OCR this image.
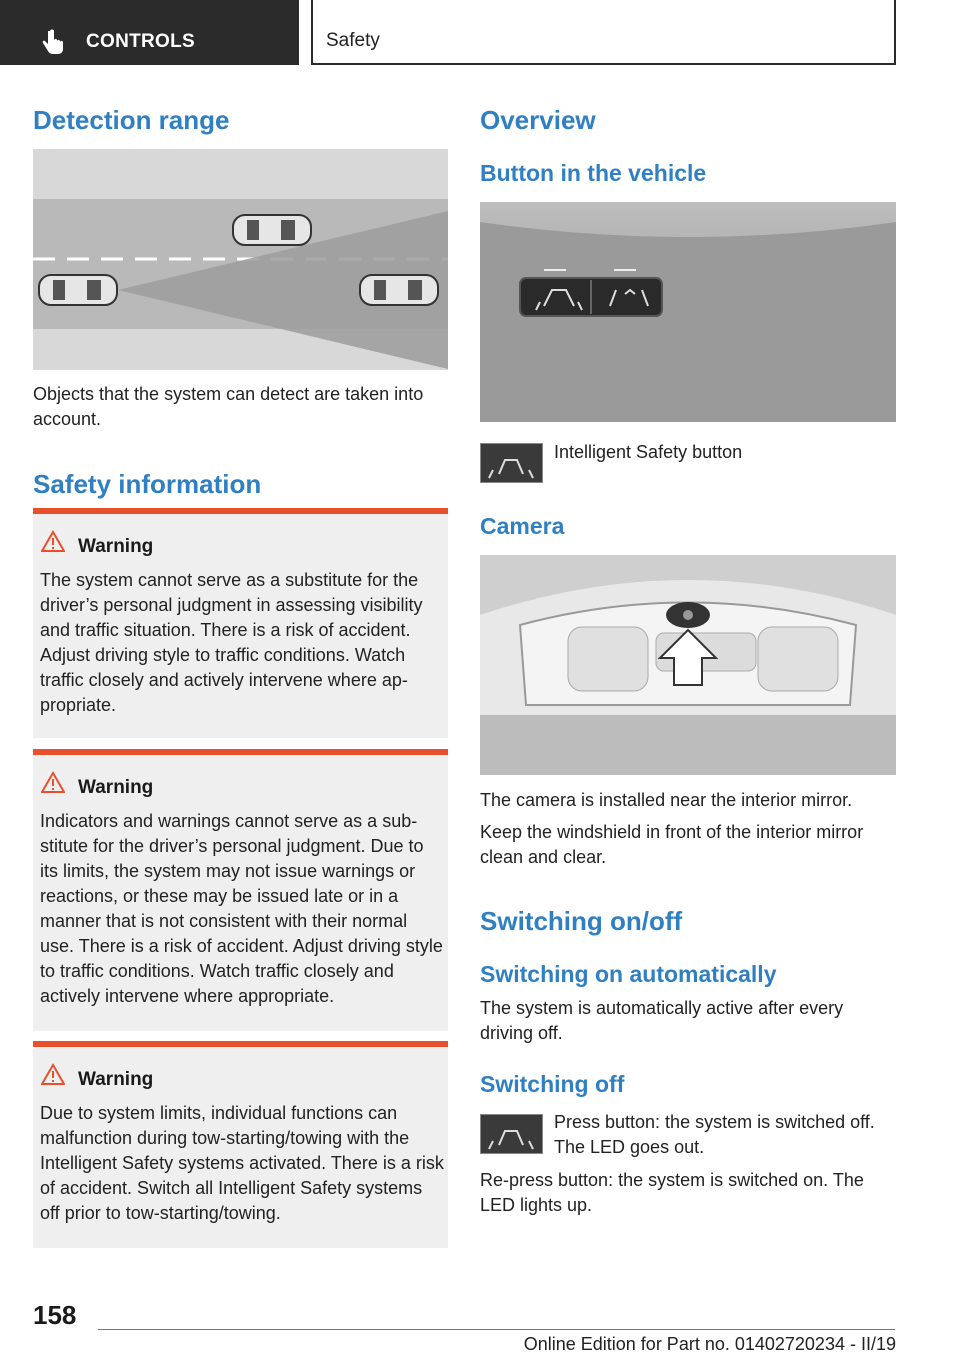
CONTROLS	Safety
Detection range
Objects that the system can detect are taken into account.
Safety information
Warning
The system cannot serve as a substitute for the driver’s personal judgment in assessing visibility and traffic situation. There is a risk of accident. Adjust driving style to traffic conditions. Watch traffic closely and actively intervene where ap‐propriate.
Warning
Indicators and warnings cannot serve as a sub‐stitute for the driver’s personal judgment. Due to its limits, the system may not issue warnings or reactions, or these may be issued late or in a manner that is not consistent with their normal use. There is a risk of accident. Adjust driving style to traffic conditions. Watch traffic closely and actively intervene where appropriate.
Warning
Due to system limits, individual functions can malfunction during tow-starting/towing with the Intelligent Safety systems activated. There is a risk of accident. Switch all Intelligent Safety systems off prior to tow-starting/towing.
Overview
Button in the vehicle
Intelligent Safety button
Camera
The camera is installed near the interior mirror.
Keep the windshield in front of the interior mirror clean and clear.
Switching on/off
Switching on automatically
The system is automatically active after every driving off.
Switching off
Press button: the system is switched off. The LED goes out.
Re-press button: the system is switched on. The LED lights up.
158
Online Edition for Part no. 01402720234 - II/19
